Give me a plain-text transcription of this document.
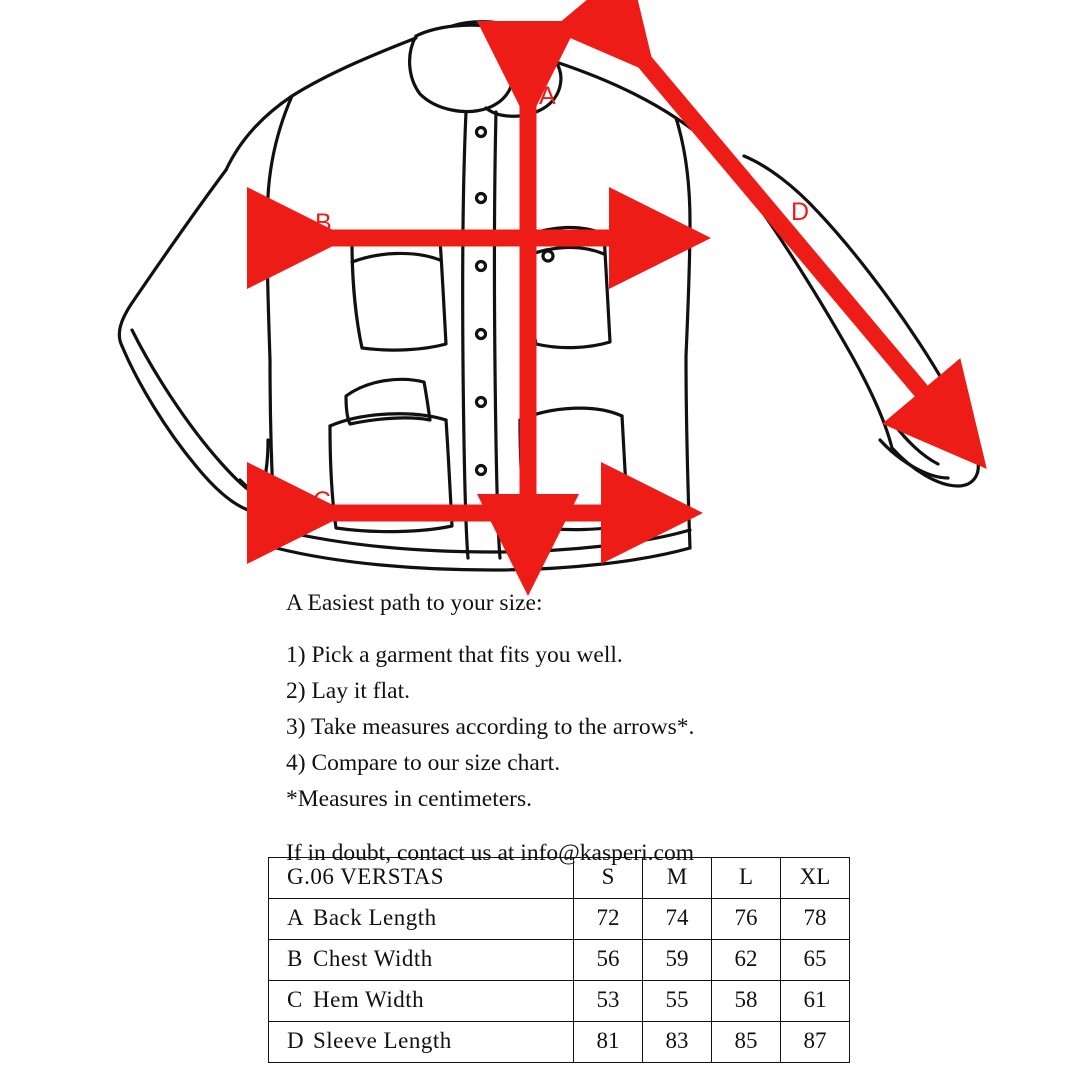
A
B
C
D
A Easiest path to your size:
1) Pick a garment that fits you well.
2) Lay it flat.
3) Take measures according to the arrows*.
4) Compare to our size chart.
*Measures in centimeters.
If in doubt, contact us at info@kasperi.com
G.06 VERSTAS	S	M	L	XL
A Back Length	72	74	76	78
B Chest Width	56	59	62	65
C Hem Width	53	55	58	61
D Sleeve Length	81	83	85	87
